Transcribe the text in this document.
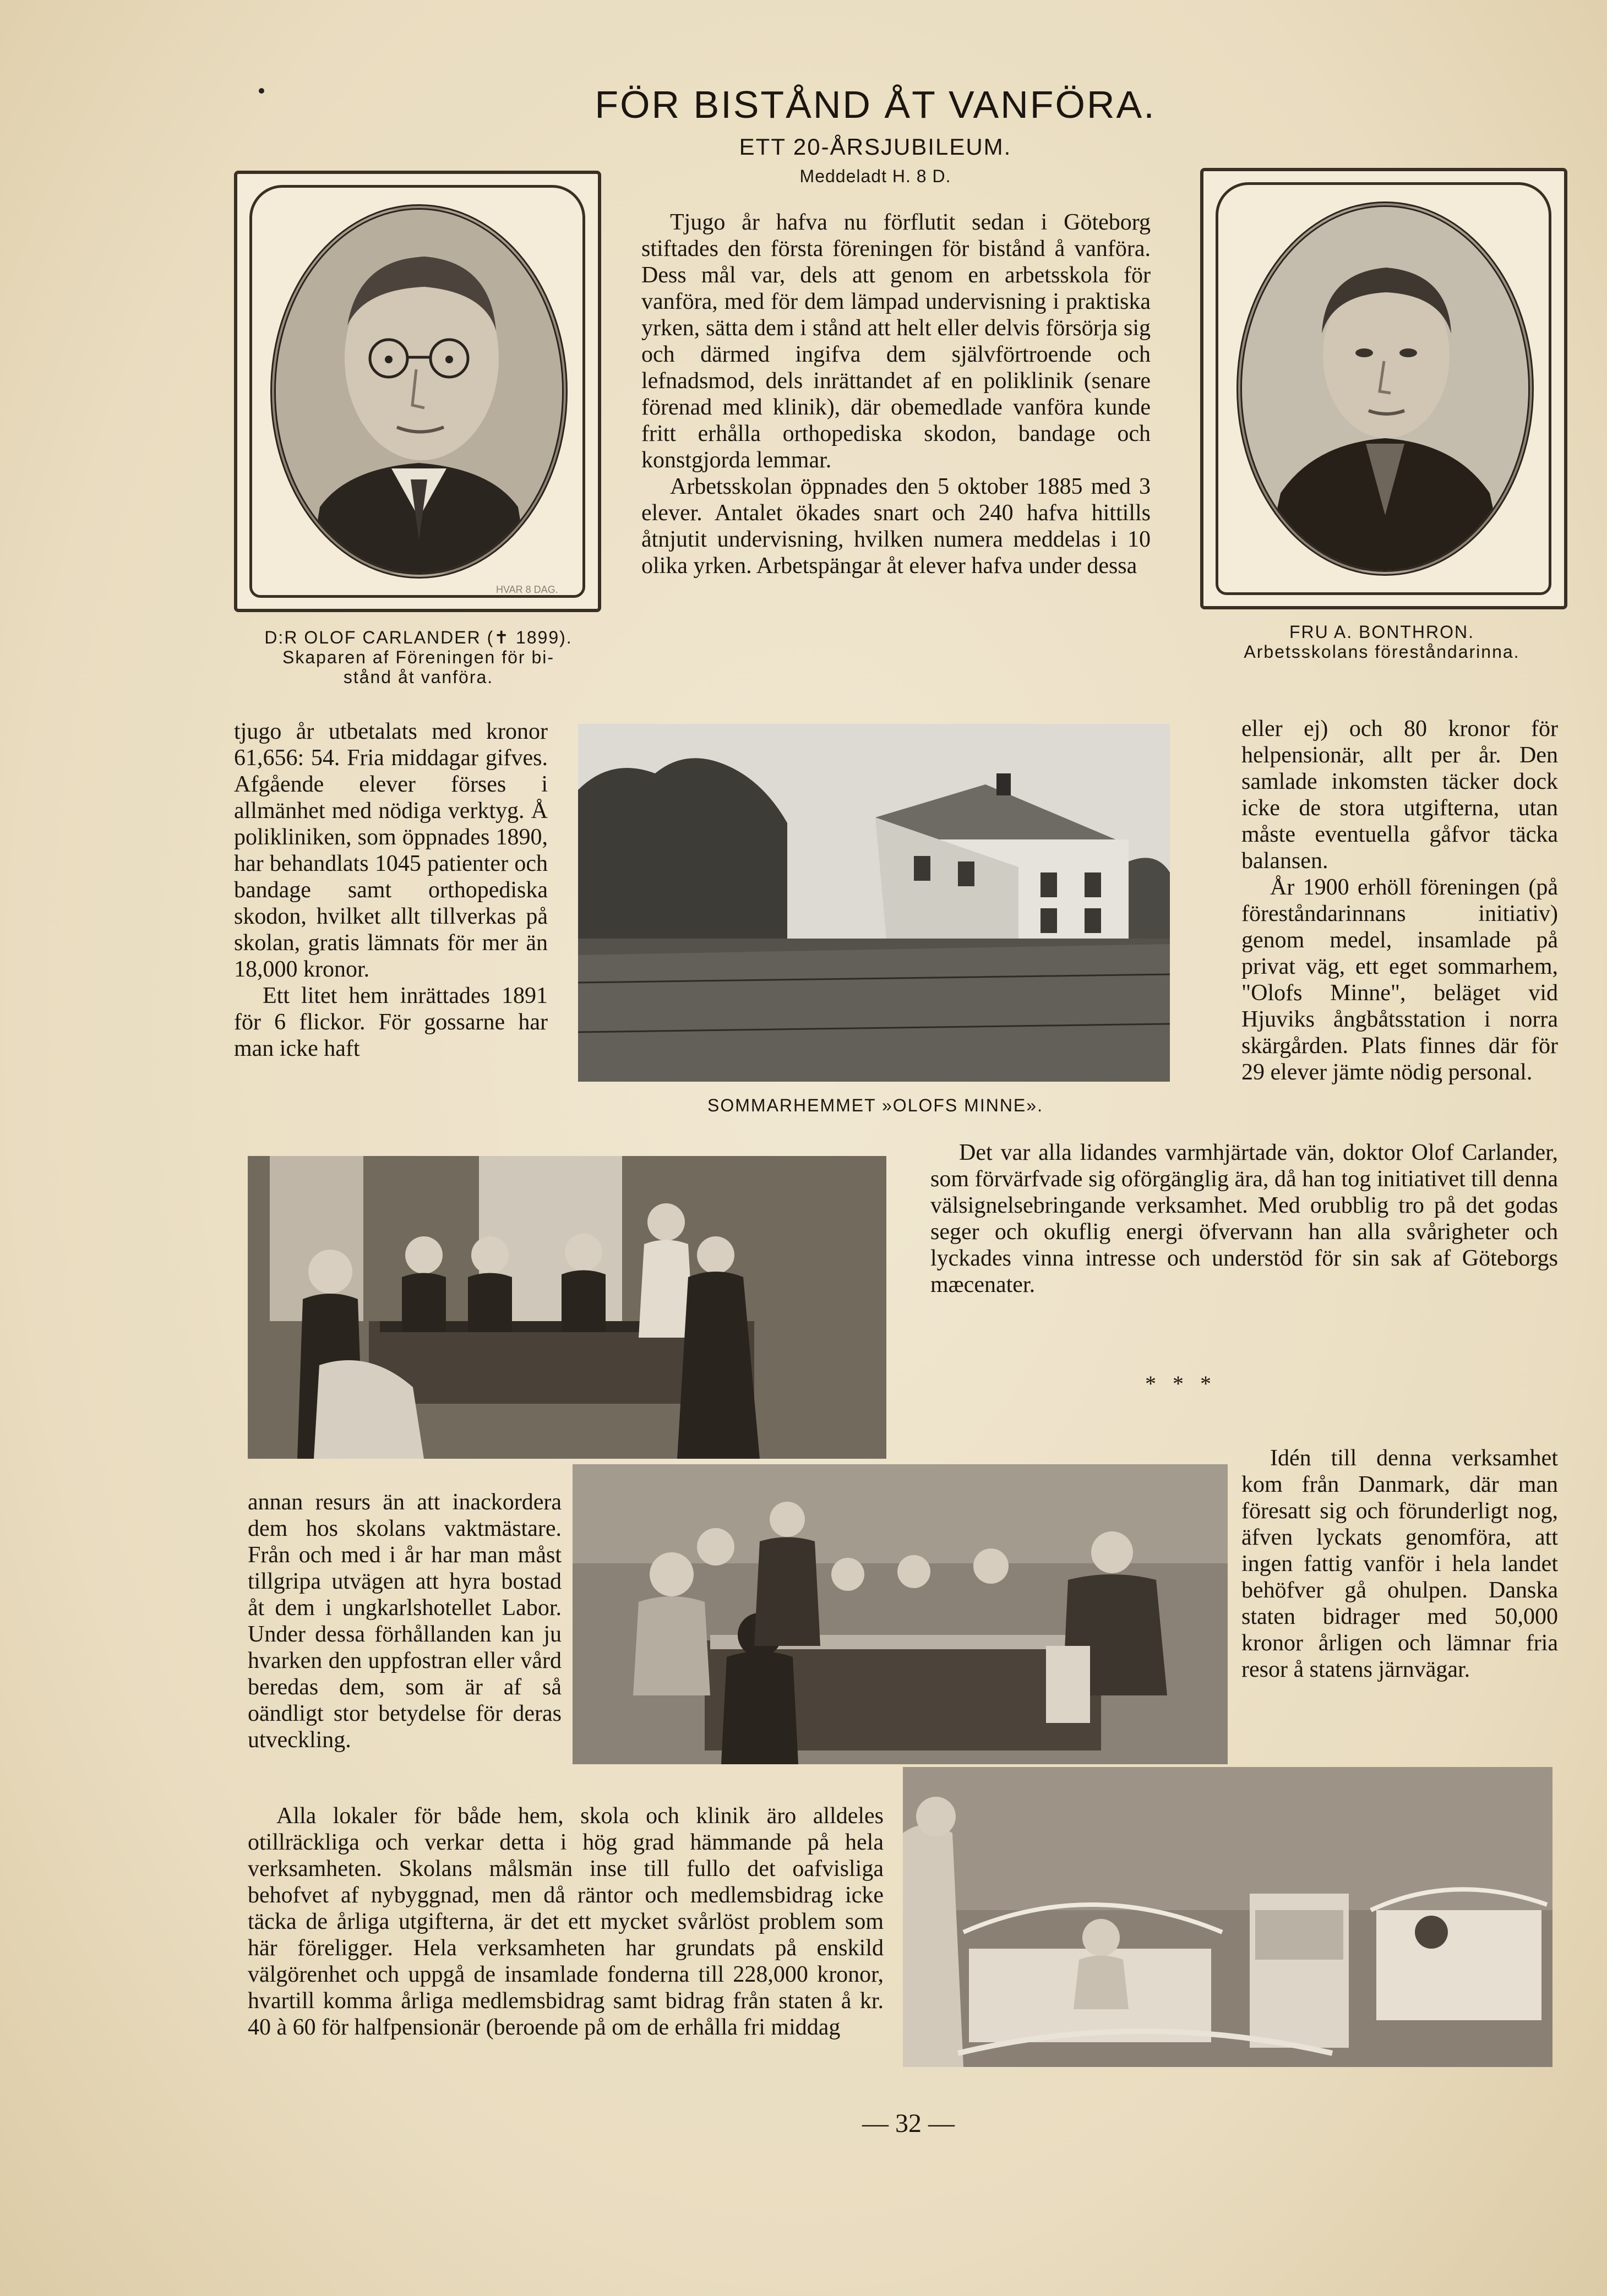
FÖR BISTÅND ÅT VANFÖRA.
ETT 20-ÅRSJUBILEUM.
Meddeladt H. 8 D.
HVAR 8 DAG.
D:R OLOF CARLANDER (✝ 1899).
Skaparen af Föreningen för bi-
stånd åt vanföra.
FRU A. BONTHRON.
Arbetsskolans föreståndarinna.

Tjugo år hafva nu förflutit sedan i Göteborg stiftades den första föreningen för bistånd å vanföra. Dess mål var, dels att genom en arbetsskola för vanföra, med för dem lämpad undervisning i praktiska yrken, sätta dem i stånd att helt eller delvis försörja sig och därmed ingifva dem självförtroende och lefnadsmod, dels inrättandet af en poliklinik (senare förenad med klinik), där obemedlade vanföra kunde fritt erhålla orthopediska skodon, bandage och konstgjorda lemmar.

Arbetsskolan öppnades den 5 oktober 1885 med 3 elever. Antalet ökades snart och 240 hafva hittills åtnjutit undervisning, hvilken numera meddelas i 10 olika yrken. Arbetspängar åt elever hafva under dessa

SOMMARHEMMET »OLOFS MINNE».

tjugo år utbetalats med kronor 61,656: 54. Fria middagar gifves. Afgående elever förses i allmänhet med nödiga verktyg. Å polikliniken, som öppnades 1890, har behandlats 1045 patienter och bandage samt orthopediska skodon, hvilket allt tillverkas på skolan, gratis lämnats för mer än 18,000 kronor.

Ett litet hem inrättades 1891 för 6 flickor. För gossarne har man icke haft

eller ej) och 80 kronor för helpensionär, allt per år. Den samlade inkomsten täcker dock icke de stora utgifterna, utan måste eventuella gåfvor täcka balansen.

År 1900 erhöll föreningen (på föreståndarinnans initiativ) genom medel, insamlade på privat väg, ett eget sommarhem, "Olofs Minne", beläget vid Hjuviks ångbåtsstation i norra skärgården. Plats finnes där för 29 elever jämte nödig personal.

Det var alla lidandes varmhjärtade vän, doktor Olof Carlander, som förvärfvade sig oförgänglig ära, då han tog initiativet till denna välsignelsebringande verksamhet. Med orubblig tro på det godas seger och okuflig energi öfvervann han alla svårigheter och lyckades vinna intresse och understöd för sin sak af Göteborgs mæcenater.

*   *   *

annan resurs än att inackordera dem hos skolans vaktmästare. Från och med i år har man måst tillgripa utvägen att hyra bostad åt dem i ungkarlshotellet Labor. Under dessa förhållanden kan ju hvarken den uppfostran eller vård beredas dem, som är af så oändligt stor betydelse för deras utveckling.

Idén till denna verksamhet kom från Danmark, där man föresatt sig och förunderligt nog, äfven lyckats genomföra, att ingen fattig vanför i hela landet behöfver gå ohulpen. Danska staten bidrager med 50,000 kronor årligen och lämnar fria resor å statens järnvägar.

Alla lokaler för både hem, skola och klinik äro alldeles otillräckliga och verkar detta i hög grad hämmande på hela verksamheten. Skolans målsmän inse till fullo det oafvisliga behofvet af nybyggnad, men då räntor och medlemsbidrag icke täcka de årliga utgifterna, är det ett mycket svårlöst problem som här föreligger. Hela verksamheten har grundats på enskild välgörenhet och uppgå de insamlade fonderna till 228,000 kronor, hvartill komma årliga medlemsbidrag samt bidrag från staten å kr. 40 à 60 för halfpensionär (beroende på om de erhålla fri middag

— 32 —
